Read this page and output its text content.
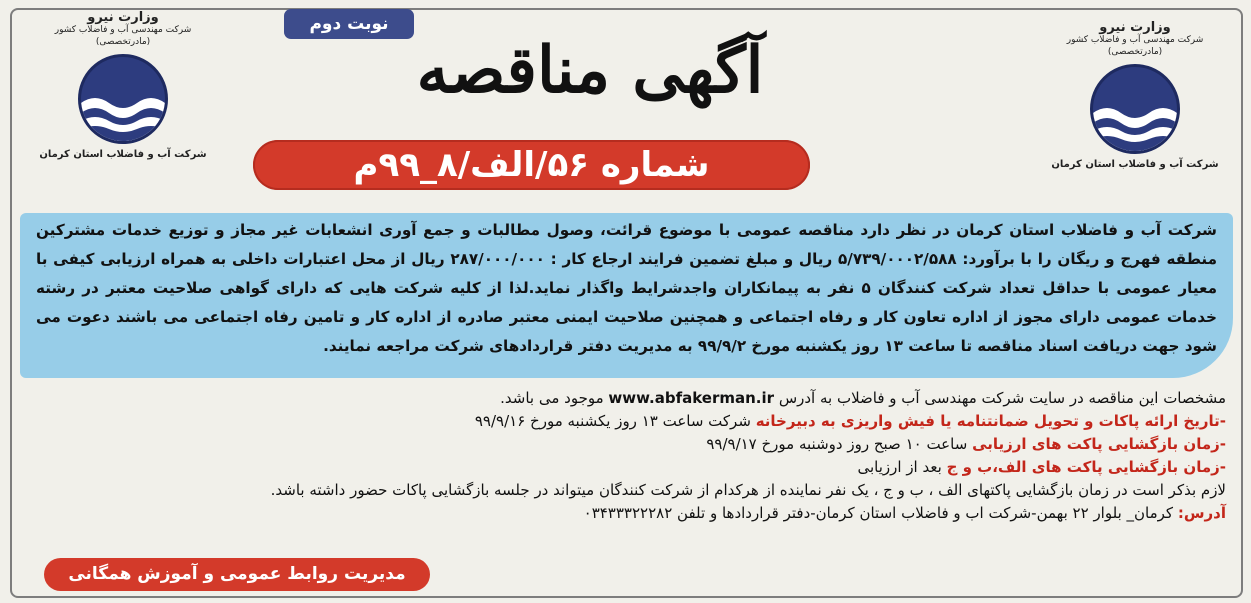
وزارت نیرو
شرکت مهندسی آب و فاضلاب کشور
(مادرتخصصی)
شرکت آب و فاضلاب استان کرمان
وزارت نیرو
شرکت مهندسی آب و فاضلاب کشور
(مادرتخصصی)
شرکت آب و فاضلاب استان کرمان
نوبت دوم
آگهی مناقصه
شماره ۵۶/الف/۸_۹۹م
شرکت آب و فاضلاب استان کرمان در نظر دارد مناقصه عمومی با موضوع قرائت، وصول مطالبات و جمع آوری انشعابات غیر مجاز و توزیع خدمات مشترکین منطقه فهرج و ریگان را با برآورد: ۵/۷۳۹/۰۰۰۲/۵۸۸ ریال و مبلغ تضمین فرایند ارجاع کار : ۲۸۷/۰۰۰/۰۰۰ ریال از محل اعتبارات داخلی به همراه ارزیابی کیفی با معیار عمومی با حداقل تعداد شرکت کنندگان ۵ نفر به پیمانکاران واجدشرایط واگذار نماید.لذا از کلیه شرکت هایی که دارای گواهی صلاحیت معتبر در رشته خدمات عمومی دارای مجوز از اداره تعاون کار و رفاه اجتماعی و همچنین صلاحیت ایمنی معتبر صادره از اداره کار و تامین رفاه اجتماعی می باشند دعوت می شود جهت دریافت اسناد مناقصه تا ساعت ۱۳ روز یکشنبه مورخ ۹۹/۹/۲ به مدیریت دفتر قراردادهای شرکت مراجعه نمایند.
مشخصات این مناقصه در سایت شرکت مهندسی آب و فاضلاب به آدرس www.abfakerman.ir موجود می باشد.
-تاریخ ارائه پاکات و تحویل ضمانتنامه یا فیش واریزی به دبیرخانه شرکت ساعت ۱۳ روز یکشنبه مورخ ۹۹/۹/۱۶
-زمان بازگشایی پاکت های ارزیابی ساعت ۱۰ صبح روز دوشنبه مورخ ۹۹/۹/۱۷
-زمان بازگشایی پاکت های الف،ب و ج بعد از ارزیابی
لازم بذکر است در زمان بازگشایی پاکتهای الف ، ب و ج ، یک نفر نماینده از هرکدام از شرکت کنندگان میتواند در جلسه بازگشایی پاکات حضور داشته باشد.
آدرس: کرمان_ بلوار ۲۲ بهمن-شرکت اب و فاضلاب استان کرمان-دفتر قراردادها و تلفن ۰۳۴۳۳۳۲۲۲۸۲
مدیریت روابط عمومی و آموزش همگانی
